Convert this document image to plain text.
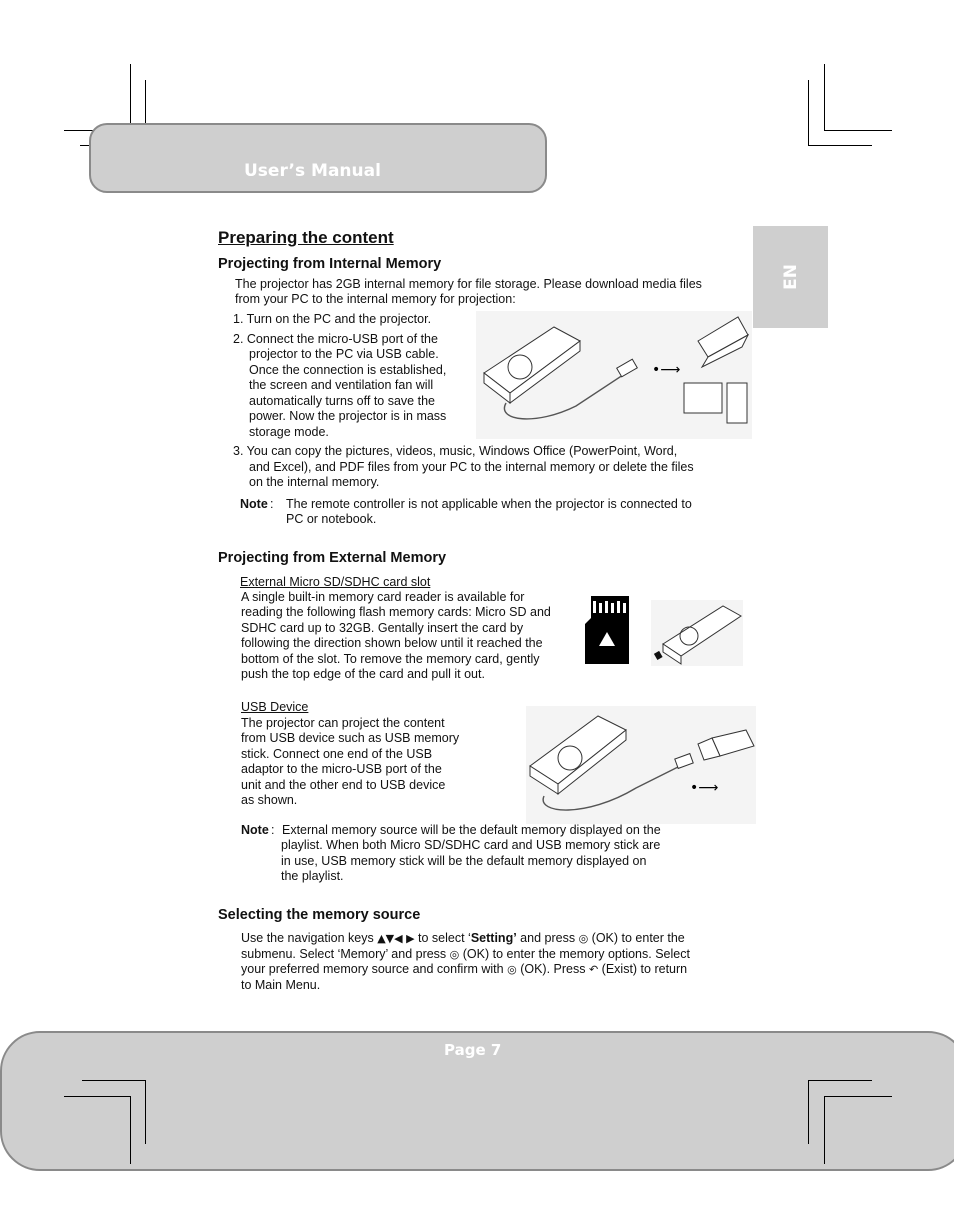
User’s Manual
EN
Preparing the content
Projecting from Internal Memory
The projector has 2GB internal memory for file storage. Please download media files
from your PC to the internal memory for projection:
1. Turn on the PC and the projector.
2. Connect the micro-USB port of the
projector to the PC via USB cable.
Once the connection is established,
the screen and ventilation fan will
automatically turns off to save the
power. Now the projector is in mass
storage mode.
•⟶
3. You can copy the pictures, videos, music, Windows Office (PowerPoint, Word,
and Excel), and PDF files from your PC to the internal memory or delete the files
on the internal memory.
Note : The remote controller is not applicable when the projector is connected to
PC or notebook.
Projecting from External Memory
External Micro SD/SDHC card slot
A single built-in memory card reader is available for
reading the following flash memory cards: Micro SD and
SDHC card up to 32GB. Gentally insert the card by
following the direction shown below until it reached the
bottom of the slot. To remove the memory card, gently
push the top edge of the card and pull it out.
USB Device
The projector can project the content
from USB device such as USB memory
stick. Connect one end of the USB
adaptor to the micro-USB port of the
unit and the other end to USB device
as shown.
•⟶
Note : External memory source will be the default memory displayed on the
playlist. When both Micro SD/SDHC card and USB memory stick are
in use, USB memory stick will be the default memory displayed on
the playlist.
Selecting the memory source
Use the navigation keys ▲▼◀ ▶ to select ‘Setting’ and press ◎ (OK) to enter the
submenu. Select ‘Memory’ and press ◎ (OK) to enter the memory options. Select
your preferred memory source and confirm with ◎ (OK). Press ↶ (Exist) to return
to Main Menu.
Page 7
